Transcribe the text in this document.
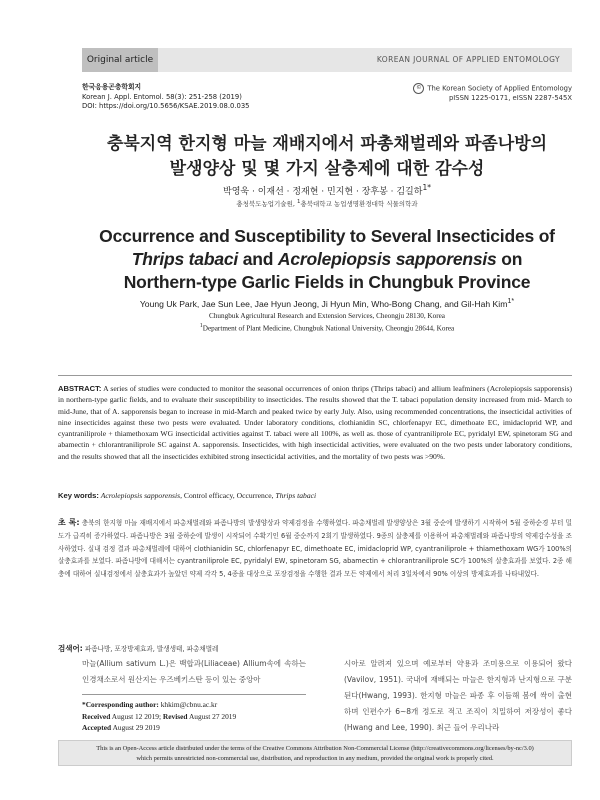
Original article	KOREAN JOURNAL OF APPLIED ENTOMOLOGY
한국응용곤충학회지
Korean J. Appl. Entomol. 58(3): 251-258 (2019)
DOI: https://doi.org/10.5656/KSAE.2019.08.0.035
© The Korean Society of Applied Entomology
pISSN 1225-0171, eISSN 2287-545X
충북지역 한지형 마늘 재배지에서 파총채벌레와 파좀나방의
발생양상 및 몇 가지 살충제에 대한 감수성
박영욱 · 이재선 · 정재현 · 민지현 · 장후봉 · 김길하$^{1*}$
충청북도농업기술원, $^1$충북대학교 농업생명환경대학 식물의학과
Occurrence and Susceptibility to Several Insecticides of
Thrips tabaci and Acrolepiopsis sapporensis on
Northern-type Garlic Fields in Chungbuk Province
Young Uk Park, Jae Sun Lee, Jae Hyun Jeong, Ji Hyun Min, Who-Bong Chang, and Gil-Hah Kim$^{1*}$
Chungbuk Agricultural Research and Extension Services, Cheongju 28130, Korea
$^1$Department of Plant Medicine, Chungbuk National University, Cheongju 28644, Korea
ABSTRACT: A series of studies were conducted to monitor the seasonal occurrences of onion thrips (Thrips tabaci) and allium leafminers (Acrolepiopsis sapporensis) in northern-type garlic fields, and to evaluate their susceptibility to insecticides. The results showed that the T. tabaci population density increased from mid- March to mid-June, that of A. sapporensis began to increase in mid-March and peaked twice by early July. Also, using recommended concentrations, the insecticidal activities of nine insecticides against these two pests were evaluated. Under laboratory conditions, clothianidin SC, chlorfenapyr EC, dimethoate EC, imidacloprid WP, and cyantraniliprole + thiamethoxam WG insecticidal activities against T. tabaci were all 100%, as well as. those of cyantraniliprole EC, pyridalyl EW, spinetoram SG and abamectin + chlorantraniliprole SC against A. sapporensis. Insecticides, with high insecticidal activities, were evaluated on the two pests under laboratory conditions, and the results showed that all the insecticides exhibited strong insecticidal activities, and the mortality of two pests was >90%.
Key words: Acrolepiopsis sapporensis, Control efficacy, Occurrence, Thrips tabaci
초 록: 충북의 한지형 마늘 재배지에서 파총채벌레와 파좀나방의 발생양상과 약제검정을 수행하였다. 파총채벌레 발생양상은 3월 중순에 발생하기 시작하여 5월 중하순경 부터 밀도가 급격히 증가하였다. 파좀나방은 3월 중하순에 발생이 시작되어 수확기인 6월 중순까지 2회기 발생하였다. 9종의 살충제를 이용하여 파총채벌레와 파좀나방의 약제감수성을 조사하였다. 실내 검정 결과 파총채벌레에 대하여 clothianidin SC, chlorfenapyr EC, dimethoate EC, imidacloprid WP, cyantraniliprole + thiamethoxam WG가 100%의 살충효과를 보였다. 파좀나방에 대해서는 cyantraniliprole EC, pyridalyl EW, spinetoram SG, abamectin + chlorantraniliprole SC가 100%의 살충효과를 보였다. 2종 해충에 대하여 실내검정에서 살충효과가 높았던 약제 각각 5, 4종을 대상으로 포장검정을 수행한 결과 모든 약제에서 처리 3일차에서 90% 이상의 방제효과를 나타내었다.
검색어: 파좀나방, 포장방제효과, 발생생태, 파총채벌레
마늘(Allium sativum L.)은 백합과(Liliaceae) Allium속에 속하는 인경채소로서 원산지는 우즈베키스탄 등이 있는 중앙아
시아로 알려져 있으며 예로부터 약용과 조미용으로 이용되어 왔다(Vavilov, 1951). 국내에 재배되는 마늘은 한지형과 난지형으로 구분된다(Hwang, 1993). 한지형 마늘은 파종 후 이듬해 봄에 싹이 출현하며 인편수가 6~8개 정도로 적고 조직이 치밀하여 저장성이 좋다(Hwang and Lee, 1990). 최근 들어 우리나라
*Corresponding author: khkim@cbnu.ac.kr
Received August 12 2019; Revised August 27 2019
Accepted August 29 2019
This is an Open-Access article distributed under the terms of the Creative Commons Attribution Non-Commercial License (http://creativecommons.org/licenses/by-nc/3.0)
which permits unrestricted non-commercial use, distribution, and reproduction in any medium, provided the original work is properly cited.
